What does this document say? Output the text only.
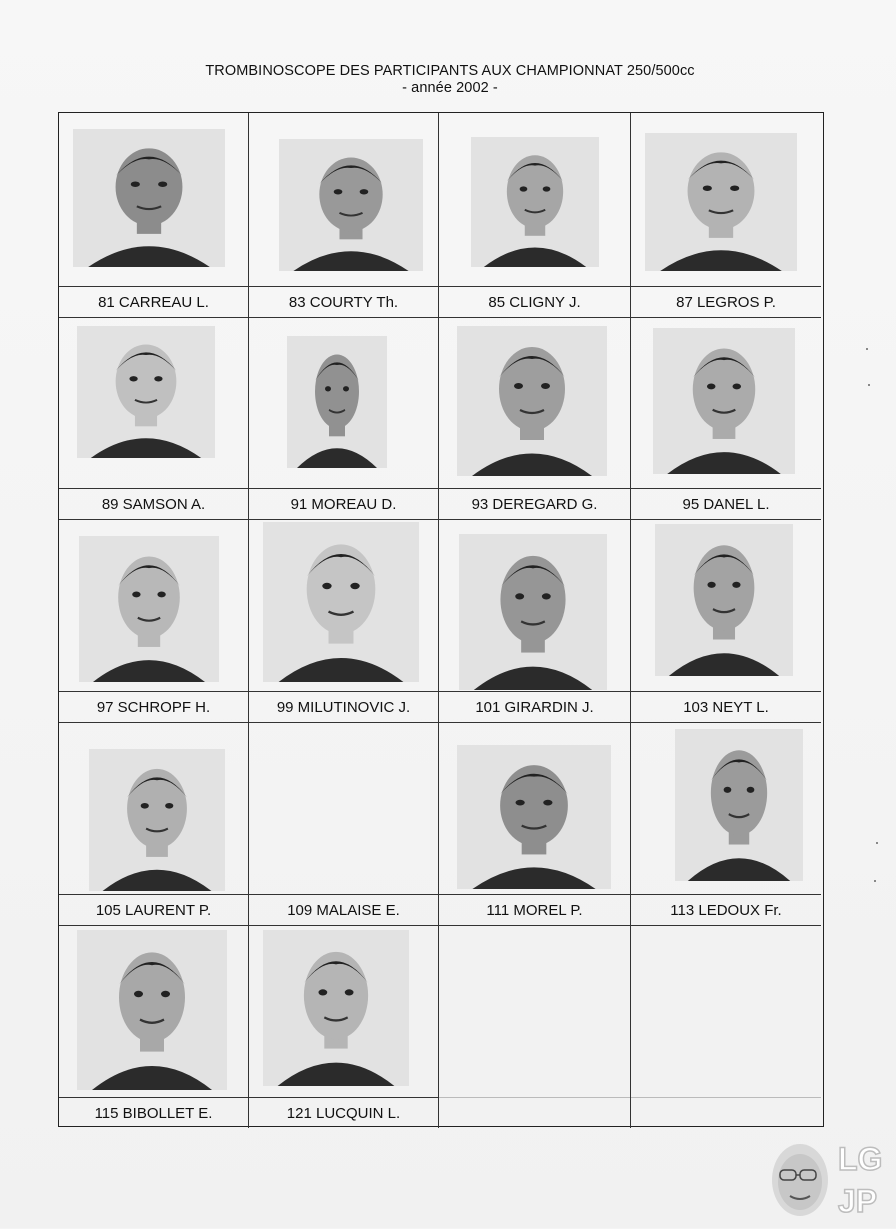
TROMBINOSCOPE DES PARTICIPANTS AUX CHAMPIONNAT 250/500cc
- année 2002 -
81 CARREAU L.	83 COURTY Th.	85 CLIGNY J.	87 LEGROS P.
89 SAMSON A.	91 MOREAU D.	93 DEREGARD G.	95 DANEL L.
97 SCHROPF H.	99 MILUTINOVIC J.	101 GIRARDIN J.	103 NEYT L.
105 LAURENT P.	109 MALAISE E.	111 MOREL P.	113 LEDOUX Fr.
115 BIBOLLET E.	121 LUCQUIN L.
LG
JP
